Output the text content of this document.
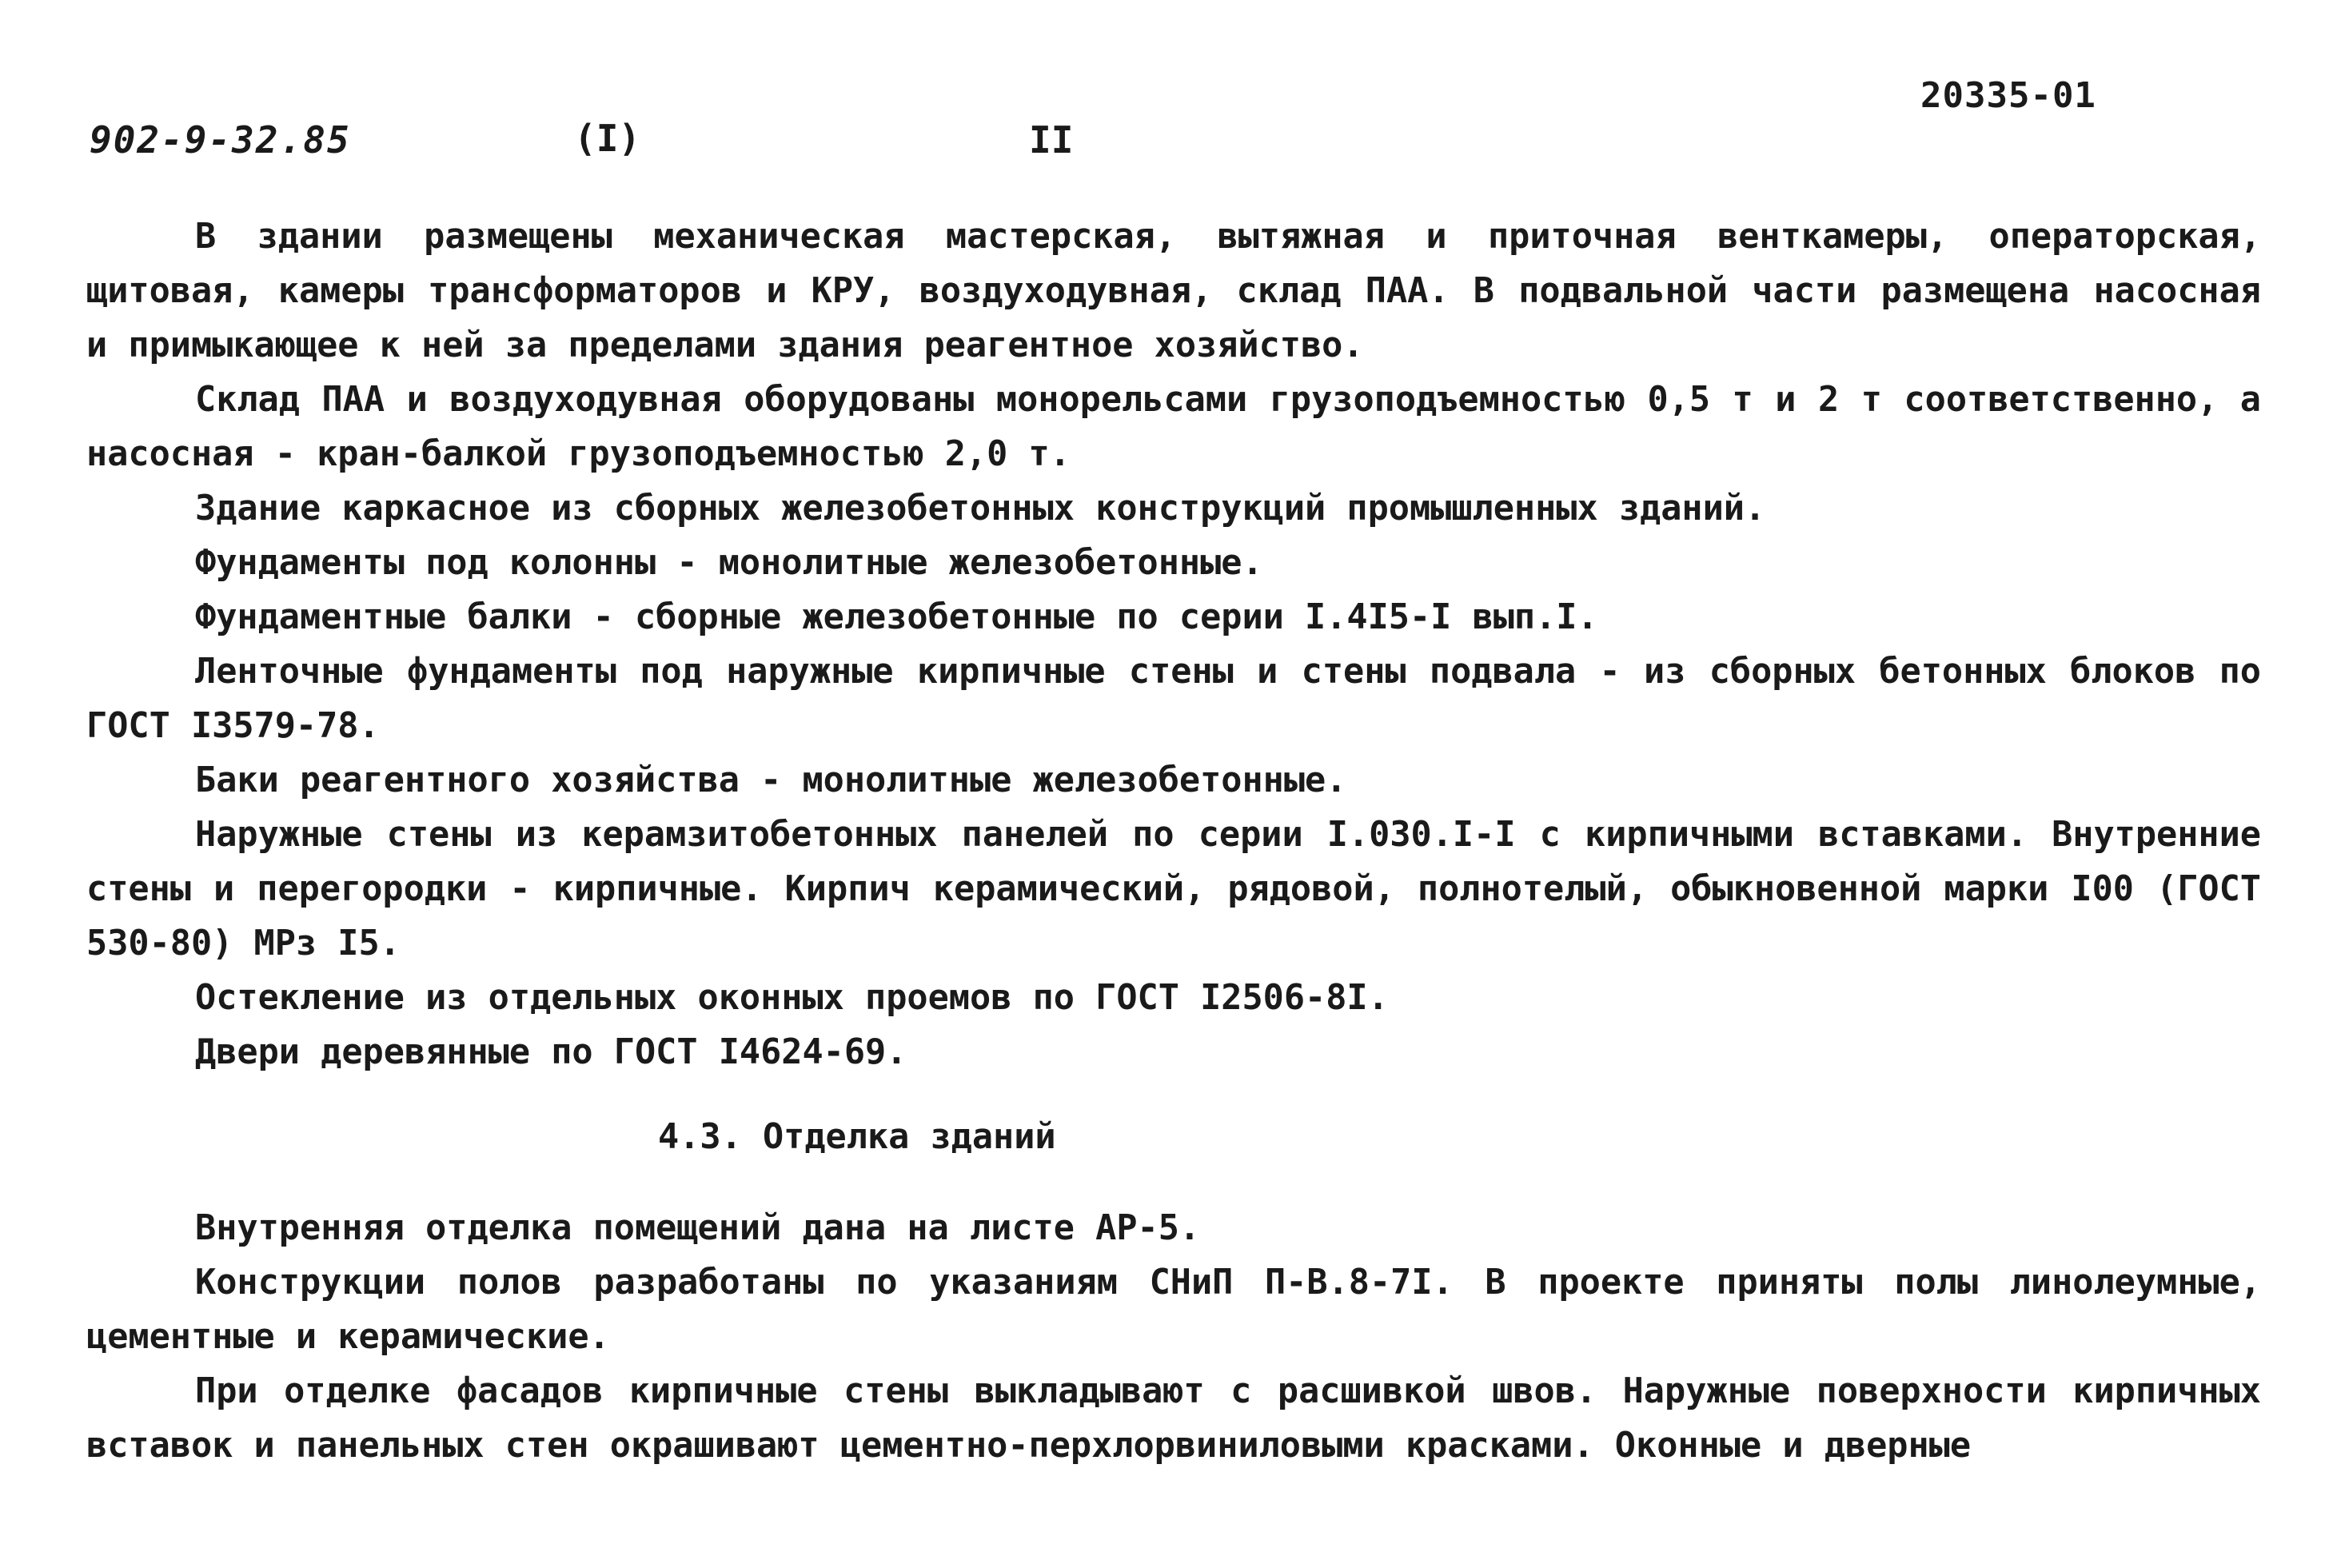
902-9-32.85	(I)	II
20335-01

В здании размещены механическая мастерская, вытяжная и приточная венткамеры, операторская, щитовая, камеры трансформаторов и КРУ, воздуходувная, склад ПАА. В подвальной части размещена насосная и примыкающее к ней за пределами здания реагентное хозяйство.

Склад ПАА и воздуходувная оборудованы монорельсами грузоподъемностью 0,5 т и 2 т соответственно, а насосная - кран-балкой грузоподъемностью 2,0 т.

Здание каркасное из сборных железобетонных конструкций промышленных зданий.

Фундаменты под колонны - монолитные железобетонные.

Фундаментные балки - сборные железобетонные по серии I.4I5-I вып.I.

Ленточные фундаменты под наружные кирпичные стены и стены подвала - из сборных бетонных блоков по ГОСТ I3579-78.

Баки реагентного хозяйства - монолитные железобетонные.

Наружные стены из керамзитобетонных панелей по серии I.030.I-I с кирпичными вставками. Внутренние стены и перегородки - кирпичные. Кирпич керамический, рядовой, полнотелый, обыкновенной марки I00 (ГОСТ 530-80) МРз I5.

Остекление из отдельных оконных проемов по ГОСТ I2506-8I.

Двери деревянные по ГОСТ I4624-69.

4.3. Отделка зданий

Внутренняя отделка помещений дана на листе АР-5.

Конструкции полов разработаны по указаниям СНиП П-В.8-7I. В проекте приняты полы линолеумные, цементные и керамические.

При отделке фасадов кирпичные стены выкладывают с расшивкой швов. Наружные поверхности кирпичных вставок и панельных стен окрашивают цементно-перхлорвиниловыми красками. Оконные и дверные
